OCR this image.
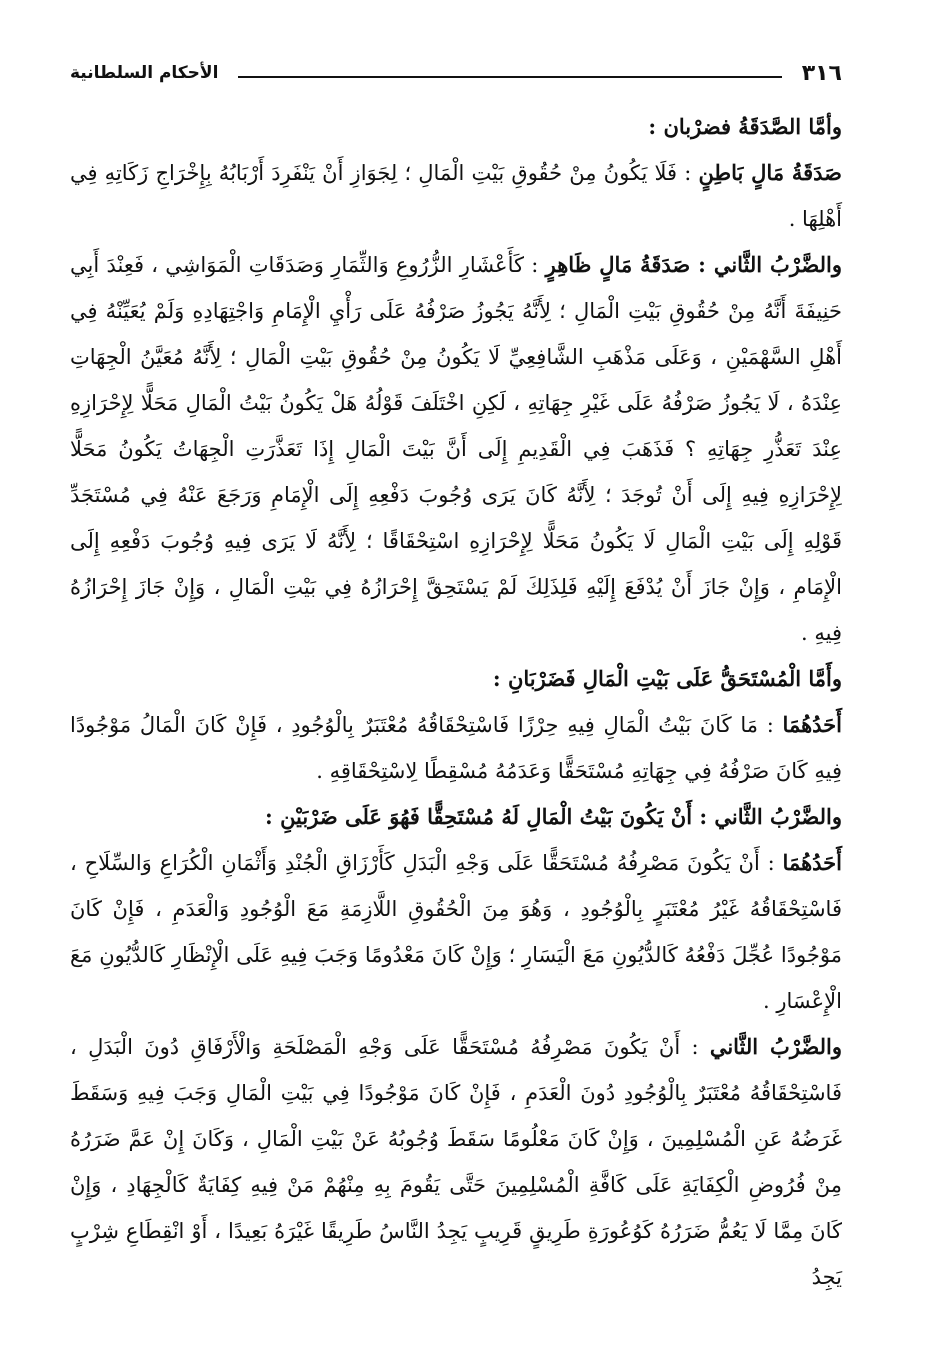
٣١٦
الأحكام السلطانية

وأمَّا الصَّدَقَةُ فضرْبان :

صَدَقَةُ مَالٍ بَاطِنٍ : فَلَا يَكُونُ مِنْ حُقُوقِ بَيْتِ الْمَالِ ؛ لِجَوَازِ أَنْ يَنْفَرِدَ أَرْبَابُهُ بِإِخْرَاجِ زَكَاتِهِ فِي أَهْلِهَا .

والضَّرْبُ الثَّاني : صَدَقَةُ مَالٍ ظَاهِرٍ : كَأَعْشَارِ الزُّرُوعِ وَالثِّمَارِ وَصَدَقَاتِ الْمَوَاشِي ، فَعِنْدَ أَبِي حَنِيفَةَ أَنَّهُ مِنْ حُقُوقِ بَيْتِ الْمَالِ ؛ لِأَنَّهُ يَجُوزُ صَرْفُهُ عَلَى رَأْيِ الْإِمَامِ وَاجْتِهَادِهِ وَلَمْ يُعَيِّنْهُ فِي أَهْلِ السَّهْمَيْنِ ، وَعَلَى مَذْهَبِ الشَّافِعِيِّ لَا يَكُونُ مِنْ حُقُوقِ بَيْتِ الْمَالِ ؛ لِأَنَّهُ مُعَيَّنُ الْجِهَاتِ عِنْدَهُ ، لَا يَجُوزُ صَرْفُهُ عَلَى غَيْرِ جِهَاتِهِ ، لَكِنِ اخْتَلَفَ قَوْلُهُ هَلْ يَكُونُ بَيْتُ الْمَالِ مَحَلًّا لِإِحْرَازِهِ عِنْدَ تَعَذُّرِ جِهَاتِهِ ؟ فَذَهَبَ فِي الْقَدِيمِ إِلَى أَنَّ بَيْتَ الْمَالِ إِذَا تَعَذَّرَتِ الْجِهَاتُ يَكُونُ مَحَلًّا لِإِحْرَازِهِ فِيهِ إِلَى أَنْ تُوجَدَ ؛ لِأَنَّهُ كَانَ يَرَى وُجُوبَ دَفْعِهِ إِلَى الْإِمَامِ وَرَجَعَ عَنْهُ فِي مُسْتَجَدِّ قَوْلِهِ إِلَى بَيْتِ الْمَالِ لَا يَكُونُ مَحَلًّا لِإِحْرَازِهِ اسْتِحْقَاقًا ؛ لِأَنَّهُ لَا يَرَى فِيهِ وُجُوبَ دَفْعِهِ إِلَى الْإِمَامِ ، وَإِنْ جَازَ أَنْ يُدْفَعَ إِلَيْهِ فَلِذَلِكَ لَمْ يَسْتَحِقَّ إِحْرَازُهُ فِي بَيْتِ الْمَالِ ، وَإِنْ جَازَ إِحْرَازُهُ فِيهِ .

وأَمَّا الْمُسْتَحَقُّ عَلَى بَيْتِ الْمَالِ فَضَرْبَانِ :

أَحَدُهُمَا : مَا كَانَ بَيْتُ الْمَالِ فِيهِ حِرْزًا فَاسْتِحْقَاقُهُ مُعْتَبَرٌ بِالْوُجُودِ ، فَإِنْ كَانَ الْمَالُ مَوْجُودًا فِيهِ كَانَ صَرْفُهُ فِي جِهَاتِهِ مُسْتَحَقًّا وَعَدَمُهُ مُسْقِطًا لِاسْتِحْقَاقِهِ .

والضَّرْبُ الثَّاني : أَنْ يَكُونَ بَيْتُ الْمَالِ لَهُ مُسْتَحِقًّا فَهُوَ عَلَى ضَرْبَيْنِ :

أَحَدُهُمَا : أَنْ يَكُونَ مَصْرِفُهُ مُسْتَحَقًّا عَلَى وَجْهِ الْبَدَلِ كَأَرْزَاقِ الْجُنْدِ وَأَثْمَانِ الْكُرَاعِ وَالسِّلَاحِ ، فَاسْتِحْقَاقُهُ غَيْرُ مُعْتَبَرٍ بِالْوُجُودِ ، وَهُوَ مِنَ الْحُقُوقِ اللَّازِمَةِ مَعَ الْوُجُودِ وَالْعَدَمِ ، فَإِنْ كَانَ مَوْجُودًا عُجِّلَ دَفْعُهُ كَالدُّيُونِ مَعَ الْيَسَارِ ؛ وَإِنْ كَانَ مَعْدُومًا وَجَبَ فِيهِ عَلَى الْإِنْظَارِ كَالدُّيُونِ مَعَ الْإِعْسَارِ .

والضَّرْبُ الثَّاني : أَنْ يَكُونَ مَصْرِفُهُ مُسْتَحَقًّا عَلَى وَجْهِ الْمَصْلَحَةِ وَالْأَرْفَاقِ دُونَ الْبَدَلِ ، فَاسْتِحْقَاقُهُ مُعْتَبَرٌ بِالْوُجُودِ دُونَ الْعَدَمِ ، فَإِنْ كَانَ مَوْجُودًا فِي بَيْتِ الْمَالِ وَجَبَ فِيهِ وَسَقَطَ غَرَضُهُ عَنِ الْمُسْلِمِينَ ، وَإِنْ كَانَ مَعْلُومًا سَقَطَ وُجُوبُهُ عَنْ بَيْتِ الْمَالِ ، وَكَانَ إِنْ عَمَّ ضَرَرُهُ مِنْ فُرُوضِ الْكِفَايَةِ عَلَى كَافَّةِ الْمُسْلِمِينَ حَتَّى يَقُومَ بِهِ مِنْهُمْ مَنْ فِيهِ كِفَايَةٌ كَالْجِهَادِ ، وَإِنْ كَانَ مِمَّا لَا يَعُمُّ ضَرَرُهُ كَوُعُورَةِ طَرِيقٍ قَرِيبٍ يَجِدُ النَّاسُ طَرِيقًا غَيْرَهُ بَعِيدًا ، أَوْ انْقِطَاعِ شِرْبٍ يَجِدُ
